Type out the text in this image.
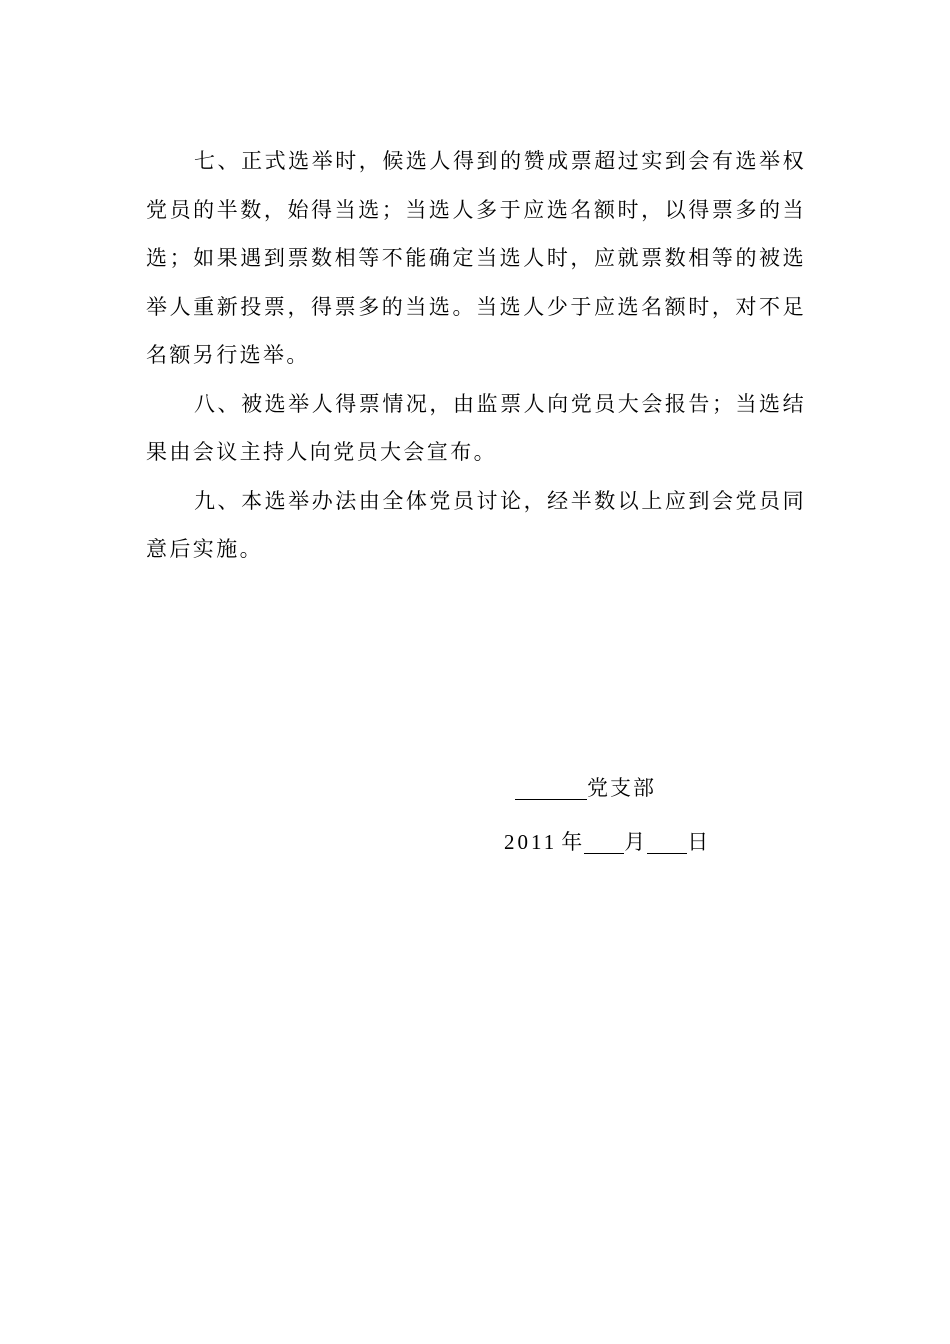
七、正式选举时，候选人得到的赞成票超过实到会有选举权党员的半数，始得当选；当选人多于应选名额时，以得票多的当选；如果遇到票数相等不能确定当选人时，应就票数相等的被选举人重新投票，得票多的当选。当选人少于应选名额时，对不足名额另行选举。

八、被选举人得票情况，由监票人向党员大会报告；当选结果由会议主持人向党员大会宣布。

九、本选举办法由全体党员讨论，经半数以上应到会党员同意后实施。

党支部
2011 年 月 日
